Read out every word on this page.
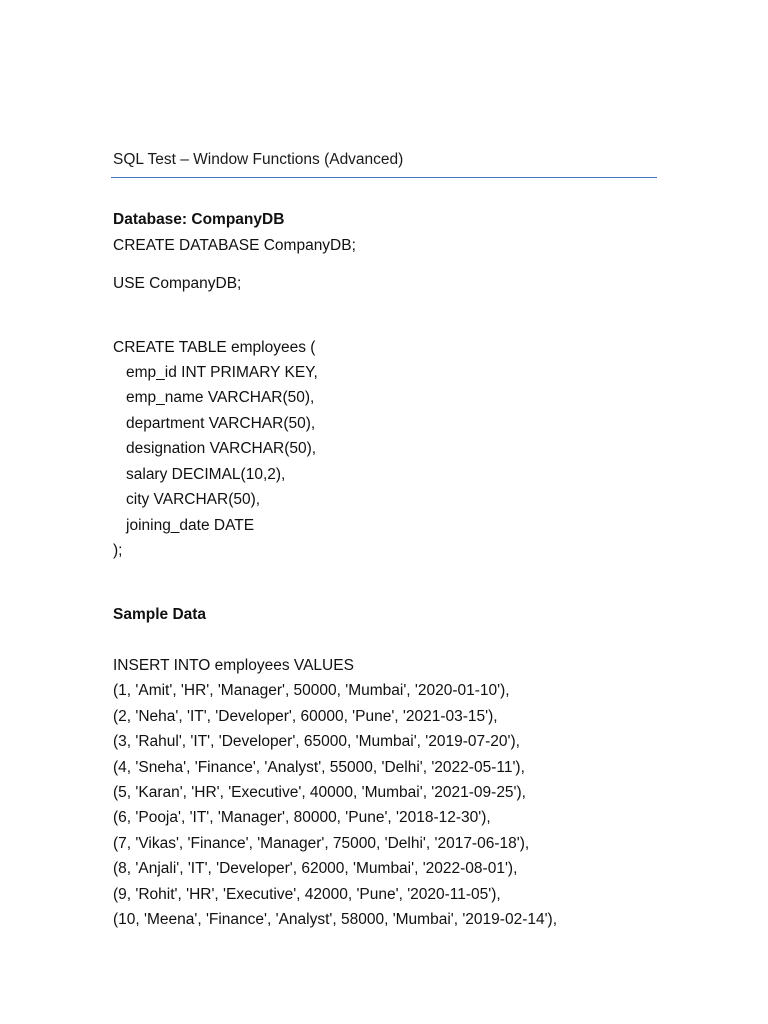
SQL Test – Window Functions (Advanced)
Database: CompanyDB
CREATE DATABASE CompanyDB;
USE CompanyDB;
CREATE TABLE employees (
emp_id INT PRIMARY KEY,
emp_name VARCHAR(50),
department VARCHAR(50),
designation VARCHAR(50),
salary DECIMAL(10,2),
city VARCHAR(50),
joining_date DATE
);
Sample Data
INSERT INTO employees VALUES
(1, 'Amit', 'HR', 'Manager', 50000, 'Mumbai', '2020-01-10'),
(2, 'Neha', 'IT', 'Developer', 60000, 'Pune', '2021-03-15'),
(3, 'Rahul', 'IT', 'Developer', 65000, 'Mumbai', '2019-07-20'),
(4, 'Sneha', 'Finance', 'Analyst', 55000, 'Delhi', '2022-05-11'),
(5, 'Karan', 'HR', 'Executive', 40000, 'Mumbai', '2021-09-25'),
(6, 'Pooja', 'IT', 'Manager', 80000, 'Pune', '2018-12-30'),
(7, 'Vikas', 'Finance', 'Manager', 75000, 'Delhi', '2017-06-18'),
(8, 'Anjali', 'IT', 'Developer', 62000, 'Mumbai', '2022-08-01'),
(9, 'Rohit', 'HR', 'Executive', 42000, 'Pune', '2020-11-05'),
(10, 'Meena', 'Finance', 'Analyst', 58000, 'Mumbai', '2019-02-14'),
